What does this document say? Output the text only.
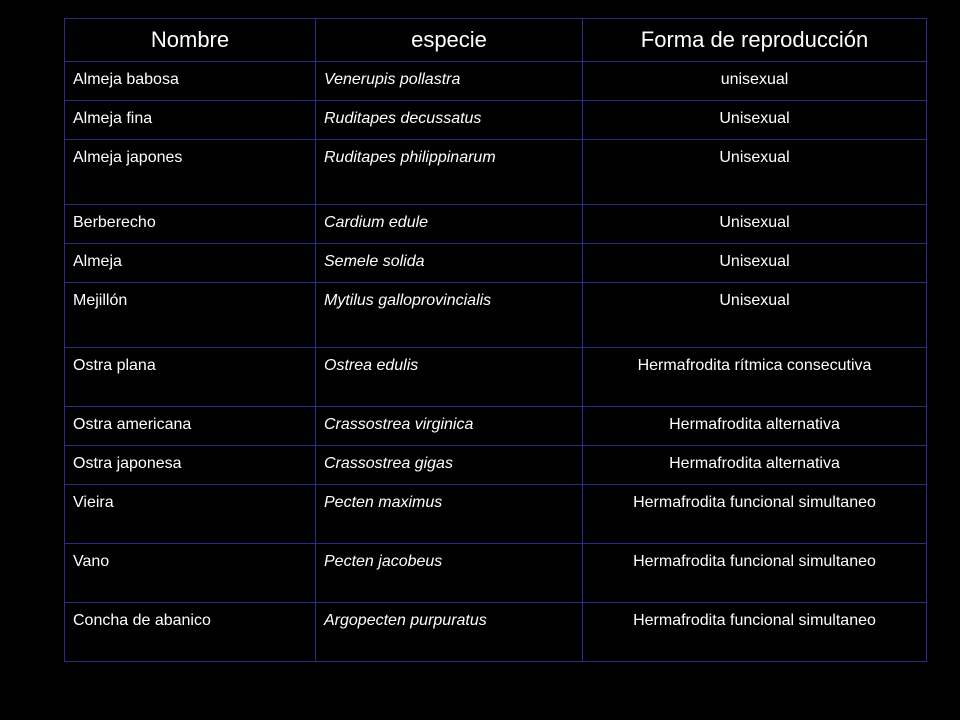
Nombre	especie	Forma de reproducción
Almeja babosa	Venerupis pollastra	unisexual
Almeja fina	Ruditapes decussatus	Unisexual
Almeja japones	Ruditapes philippinarum	Unisexual
Berberecho	Cardium edule	Unisexual
Almeja	Semele solida	Unisexual
Mejillón	Mytilus galloprovincialis	Unisexual
Ostra plana	Ostrea edulis	Hermafrodita rítmica consecutiva
Ostra americana	Crassostrea virginica	Hermafrodita alternativa
Ostra japonesa	Crassostrea gigas	Hermafrodita alternativa
Vieira	Pecten maximus	Hermafrodita funcional simultaneo
Vano	Pecten jacobeus	Hermafrodita funcional simultaneo
Concha de abanico	Argopecten purpuratus	Hermafrodita funcional simultaneo
